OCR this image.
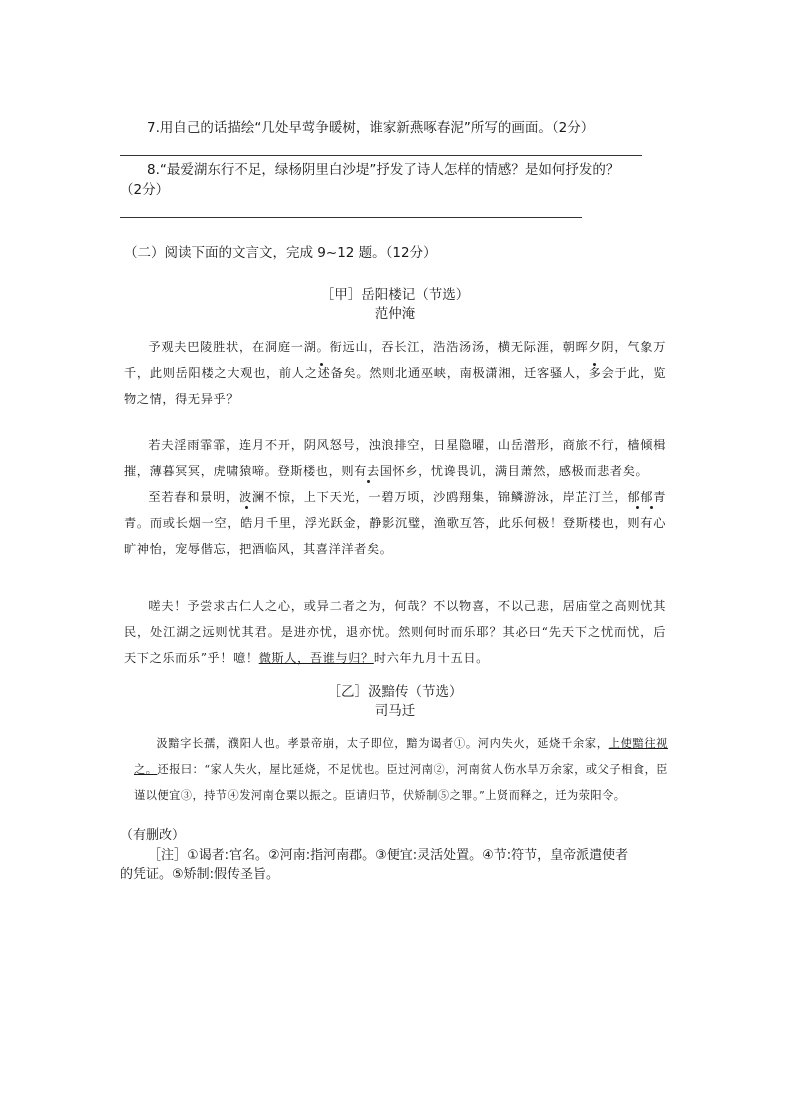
7.用自己的话描绘“几处早莺争暖树，谁家新燕啄春泥”所写的画面。（2分）
8.“最爱湖东行不足，绿杨阴里白沙堤”抒发了诗人怎样的情感？是如何抒发的？
（2分）
（二）阅读下面的文言文，完成 9~12 题。（12分）
［甲］岳阳楼记（节选）
范仲淹
予观夫巴陵胜状，在洞庭一湖。衔远山，吞长江，浩浩汤汤，横无际涯，朝晖夕阴，气象万千，此则岳阳楼之大观也，前人之述备矣。然则北通巫峡，南极潇湘，迁客骚人，多会于此，览物之情，得无异乎？
若夫淫雨霏霏，连月不开，阴风怒号，浊浪排空，日星隐曜，山岳潜形，商旅不行，樯倾楫摧，薄暮冥冥，虎啸猿啼。登斯楼也，则有去国怀乡，忧谗畏讥，满目萧然，感极而悲者矣。
至若春和景明，波澜不惊，上下天光，一碧万顷，沙鸥翔集，锦鳞游泳，岸芷汀兰，郁郁青青。而或长烟一空，皓月千里，浮光跃金，静影沉璧，渔歌互答，此乐何极！登斯楼也，则有心旷神怡，宠辱偕忘，把酒临风，其喜洋洋者矣。
嗟夫！予尝求古仁人之心，或异二者之为，何哉？不以物喜，不以己悲，居庙堂之高则忧其民，处江湖之远则忧其君。是进亦忧，退亦忧。然则何时而乐耶？其必曰“先天下之忧而忧，后天下之乐而乐”乎！噫！微斯人，吾谁与归？时六年九月十五日。
［乙］汲黯传（节选）
司马迁
汲黯字长孺，濮阳人也。孝景帝崩，太子即位，黯为谒者①。河内失火，延烧千余家，上使黯往视之。还报曰：“家人失火，屋比延烧，不足忧也。臣过河南②，河南贫人伤水旱万余家，或父子相食，臣谨以便宜③，持节④发河南仓粟以振之。臣请归节，伏矫制⑤之罪。”上贤而释之，迁为荥阳令。
（有删改）
［注］①谒者:官名。②河南:指河南郡。③便宜:灵活处置。④节:符节，皇帝派遣使者
的凭证。⑤矫制:假传圣旨。
